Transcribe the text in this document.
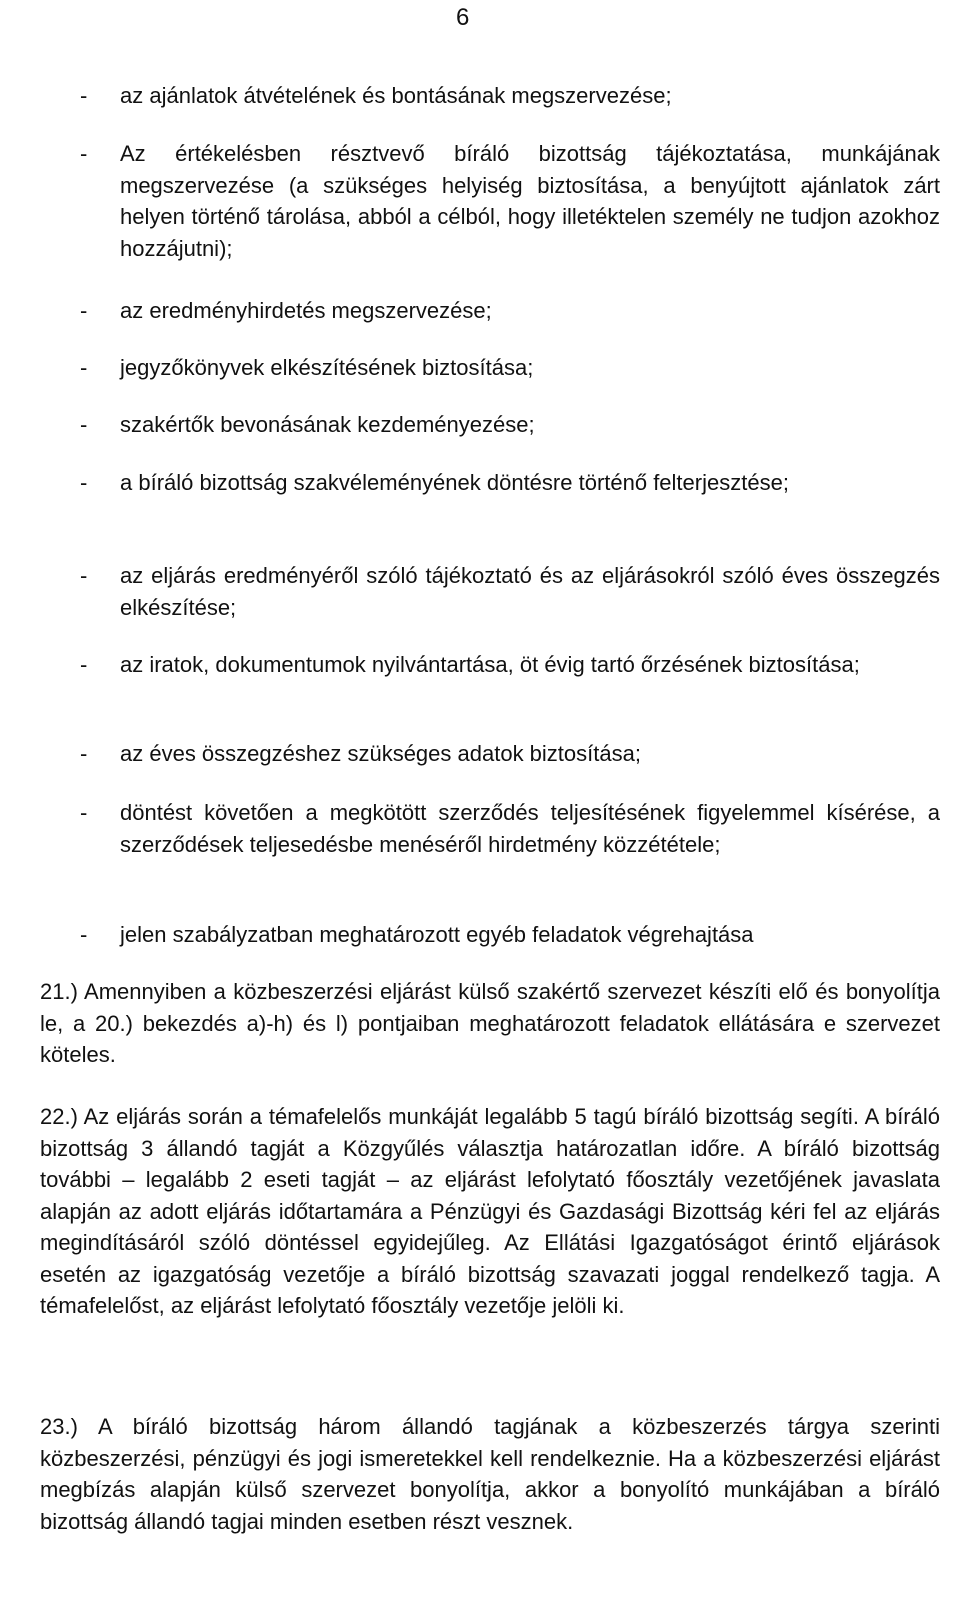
6
- az ajánlatok átvételének és bontásának megszervezése;
- Az értékelésben résztvevő bíráló bizottság tájékoztatása, munkájának megszervezése (a szükséges helyiség biztosítása, a benyújtott ajánlatok zárt helyen történő tárolása, abból a célból, hogy illetéktelen személy ne tudjon azokhoz hozzájutni);
- az eredményhirdetés megszervezése;
- jegyzőkönyvek elkészítésének biztosítása;
- szakértők bevonásának kezdeményezése;
- a bíráló bizottság szakvéleményének döntésre történő felterjesztése;
- az eljárás eredményéről szóló tájékoztató és az eljárásokról szóló éves összegzés elkészítése;
- az iratok, dokumentumok nyilvántartása, öt évig tartó őrzésének biztosítása;
- az éves összegzéshez szükséges adatok biztosítása;
- döntést követően a megkötött szerződés teljesítésének figyelemmel kísérése, a szerződések teljesedésbe menéséről hirdetmény közzététele;
- jelen szabályzatban meghatározott egyéb feladatok végrehajtása
21.) Amennyiben a közbeszerzési eljárást külső szakértő szervezet készíti elő és bonyolítja le, a 20.) bekezdés a)-h) és l) pontjaiban meghatározott feladatok ellátására e szervezet köteles.
22.) Az eljárás során a témafelelős munkáját legalább 5 tagú bíráló bizottság segíti. A bíráló bizottság 3 állandó tagját a Közgyűlés választja határozatlan időre. A bíráló bizottság további – legalább 2 eseti tagját – az eljárást lefolytató főosztály vezetőjének javaslata alapján az adott eljárás időtartamára a Pénzügyi és Gazdasági Bizottság kéri fel az eljárás megindításáról szóló döntéssel egyidejűleg. Az Ellátási Igazgatóságot érintő eljárások esetén az igazgatóság vezetője a bíráló bizottság szavazati joggal rendelkező tagja. A témafelelőst, az eljárást lefolytató főosztály vezetője jelöli ki.
23.) A bíráló bizottság három állandó tagjának a közbeszerzés tárgya szerinti közbeszerzési, pénzügyi és jogi ismeretekkel kell rendelkeznie. Ha a közbeszerzési eljárást megbízás alapján külső szervezet bonyolítja, akkor a bonyolító munkájában a bíráló bizottság állandó tagjai minden esetben részt vesznek.
